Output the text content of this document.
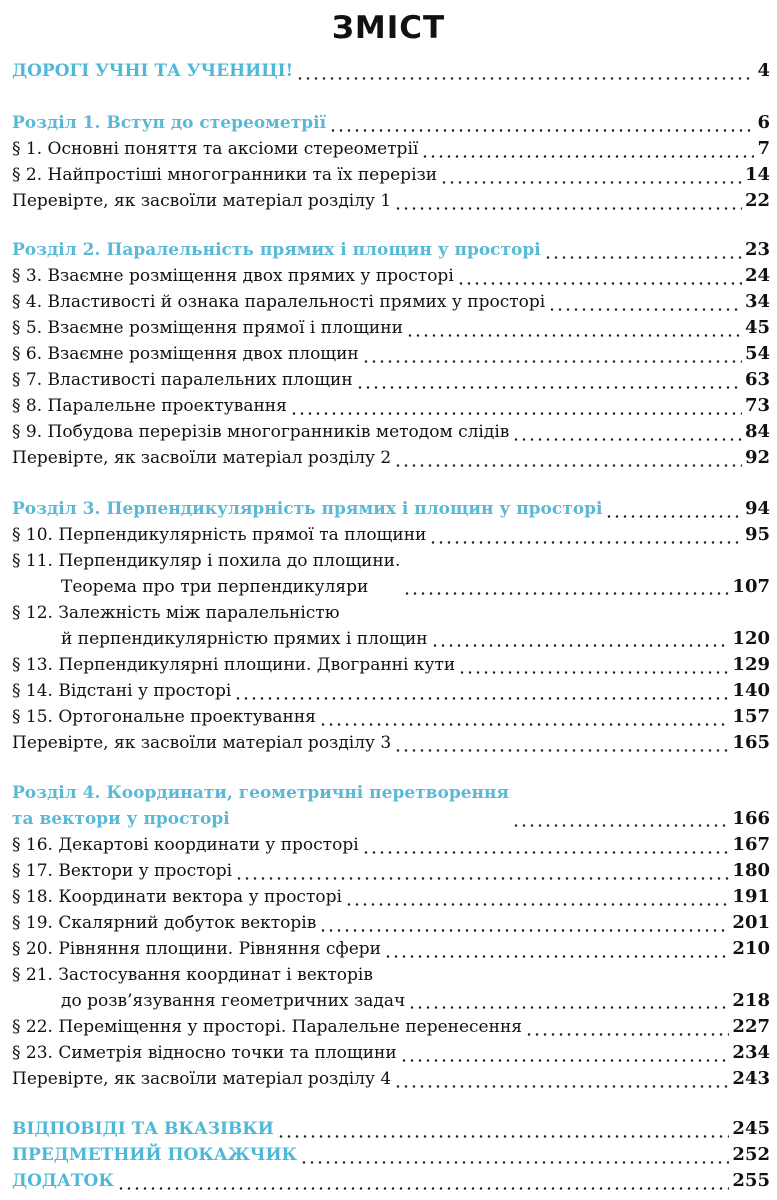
ЗМІСТ
ДОРОГІ УЧНІ ТА УЧЕНИЦІ!	4
Розділ 1. Вступ до стереометрії	6
§ 1. Основні поняття та аксіоми стереометрії	7
§ 2. Найпростіші многогранники та їх перерізи	14
Перевірте, як засвоїли матеріал розділу 1	22
Розділ 2. Паралельність прямих і площин у просторі	23
§ 3. Взаємне розміщення двох прямих у просторі	24
§ 4. Властивості й ознака паралельності прямих у просторі	34
§ 5. Взаємне розміщення прямої і площини	45
§ 6. Взаємне розміщення двох площин	54
§ 7. Властивості паралельних площин	63
§ 8. Паралельне проектування	73
§ 9. Побудова перерізів многогранників методом слідів	84
Перевірте, як засвоїли матеріал розділу 2	92
Розділ 3. Перпендикулярність прямих і площин у просторі	94
§ 10. Перпендикулярність прямої та площини	95
§ 11. Перпендикуляр і похила до площини.
Теорема про три перпендикуляри	107
§ 12. Залежність між паралельністю
й перпендикулярністю прямих і площин	120
§ 13. Перпендикулярні площини. Двогранні кути	129
§ 14. Відстані у просторі	140
§ 15. Ортогональне проектування	157
Перевірте, як засвоїли матеріал розділу 3	165
Розділ 4. Координати, геометричні перетворення
та вектори у просторі	166
§ 16. Декартові координати у просторі	167
§ 17. Вектори у просторі	180
§ 18. Координати вектора у просторі	191
§ 19. Скалярний добуток векторів	201
§ 20. Рівняння площини. Рівняння сфери	210
§ 21. Застосування координат і векторів
до розв’язування геометричних задач	218
§ 22. Переміщення у просторі. Паралельне перенесення	227
§ 23. Симетрія відносно точки та площини	234
Перевірте, як засвоїли матеріал розділу 4	243
ВІДПОВІДІ ТА ВКАЗІВКИ	245
ПРЕДМЕТНИЙ ПОКАЖЧИК	252
ДОДАТОК	255
